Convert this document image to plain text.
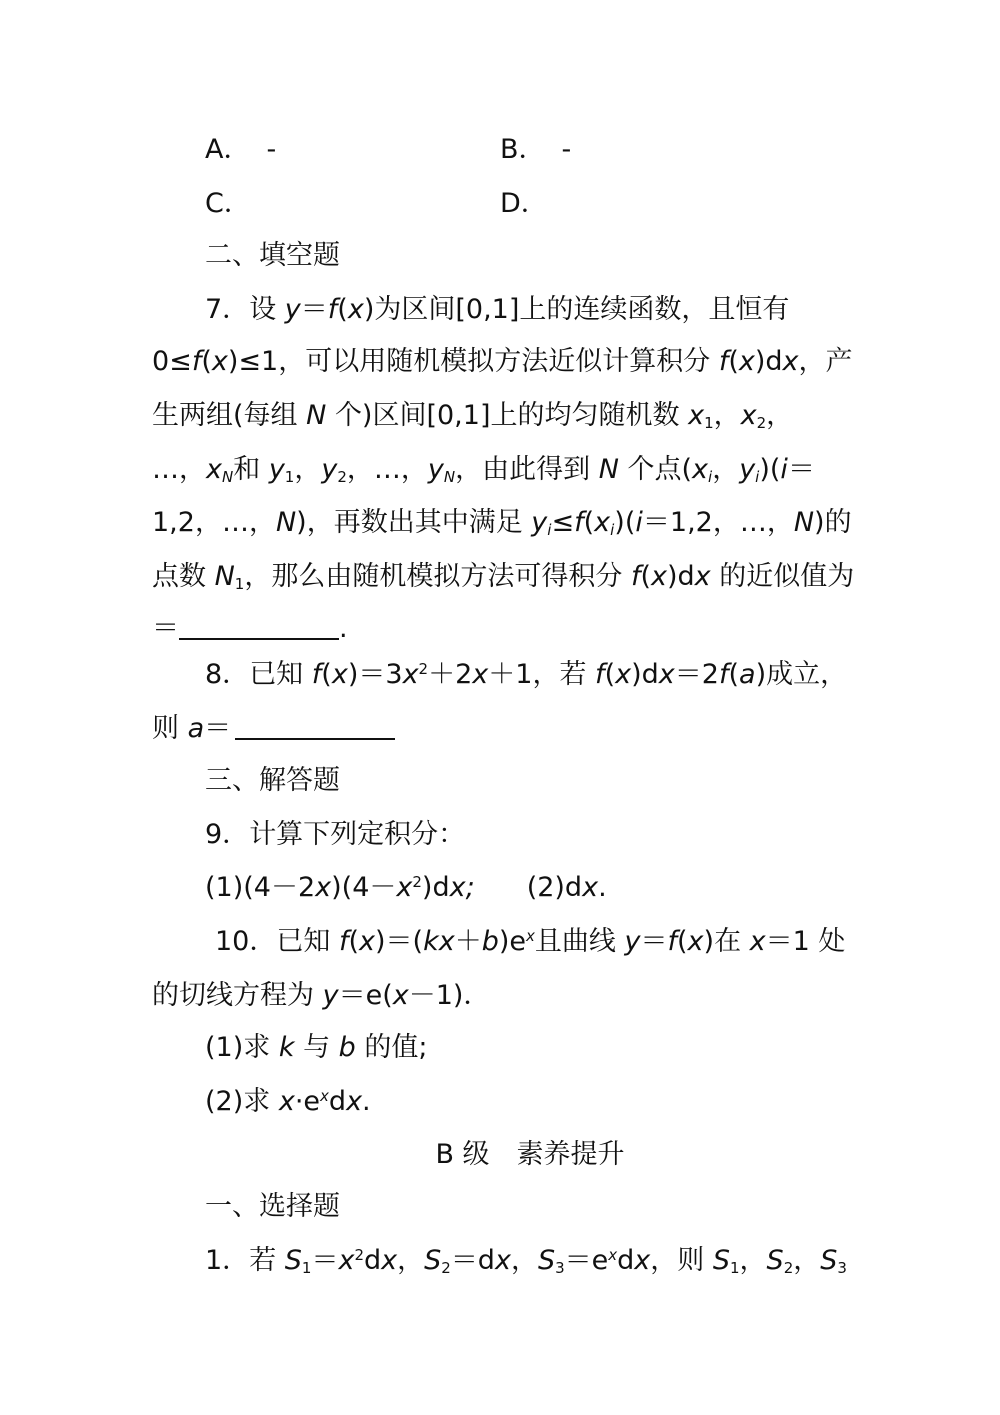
A． -	B． -
C．	D．
二、填空题
7．设 y＝f(x)为区间[0,1]上的连续函数，且恒有
0≤f(x)≤1，可以用随机模拟方法近似计算积分 f(x)dx，产
生两组(每组 N 个)区间[0,1]上的均匀随机数 $x_1$，$x_2$，
…，$x_N$和 $y_1$，$y_2$，…，$y_N$，由此得到 N 个点($x_i$，$y_i)(i=$
1,2，…，N)，再数出其中满足 $y_i\le f(x_i)(i=1,2$，…，N)的
点数 $N_1$，那么由随机模拟方法可得积分 f(x)dx 的近似值为
＝	.
8．已知 $f(x)=3x^2+2x+1$，若 f(x)dx＝2f(a)成立，
则 a＝
三、解答题
9．计算下列定积分：
$(1)(4-2x)(4-x^2)dx$; (2)dx.
10．已知 $f(x)=(kx+b)e^x$且曲线 y＝f(x)在 x＝1 处
的切线方程为 y＝e(x－1)．
(1)求 k 与 b 的值;
(2)求 $x\cdot e^xdx$.
B 级　素养提升
一、选择题
1．若 $S_1=x^2dx$，$S_2=dx$，$S_3=e^xdx$，则 $S_1$，$S_2$，$S_3$
